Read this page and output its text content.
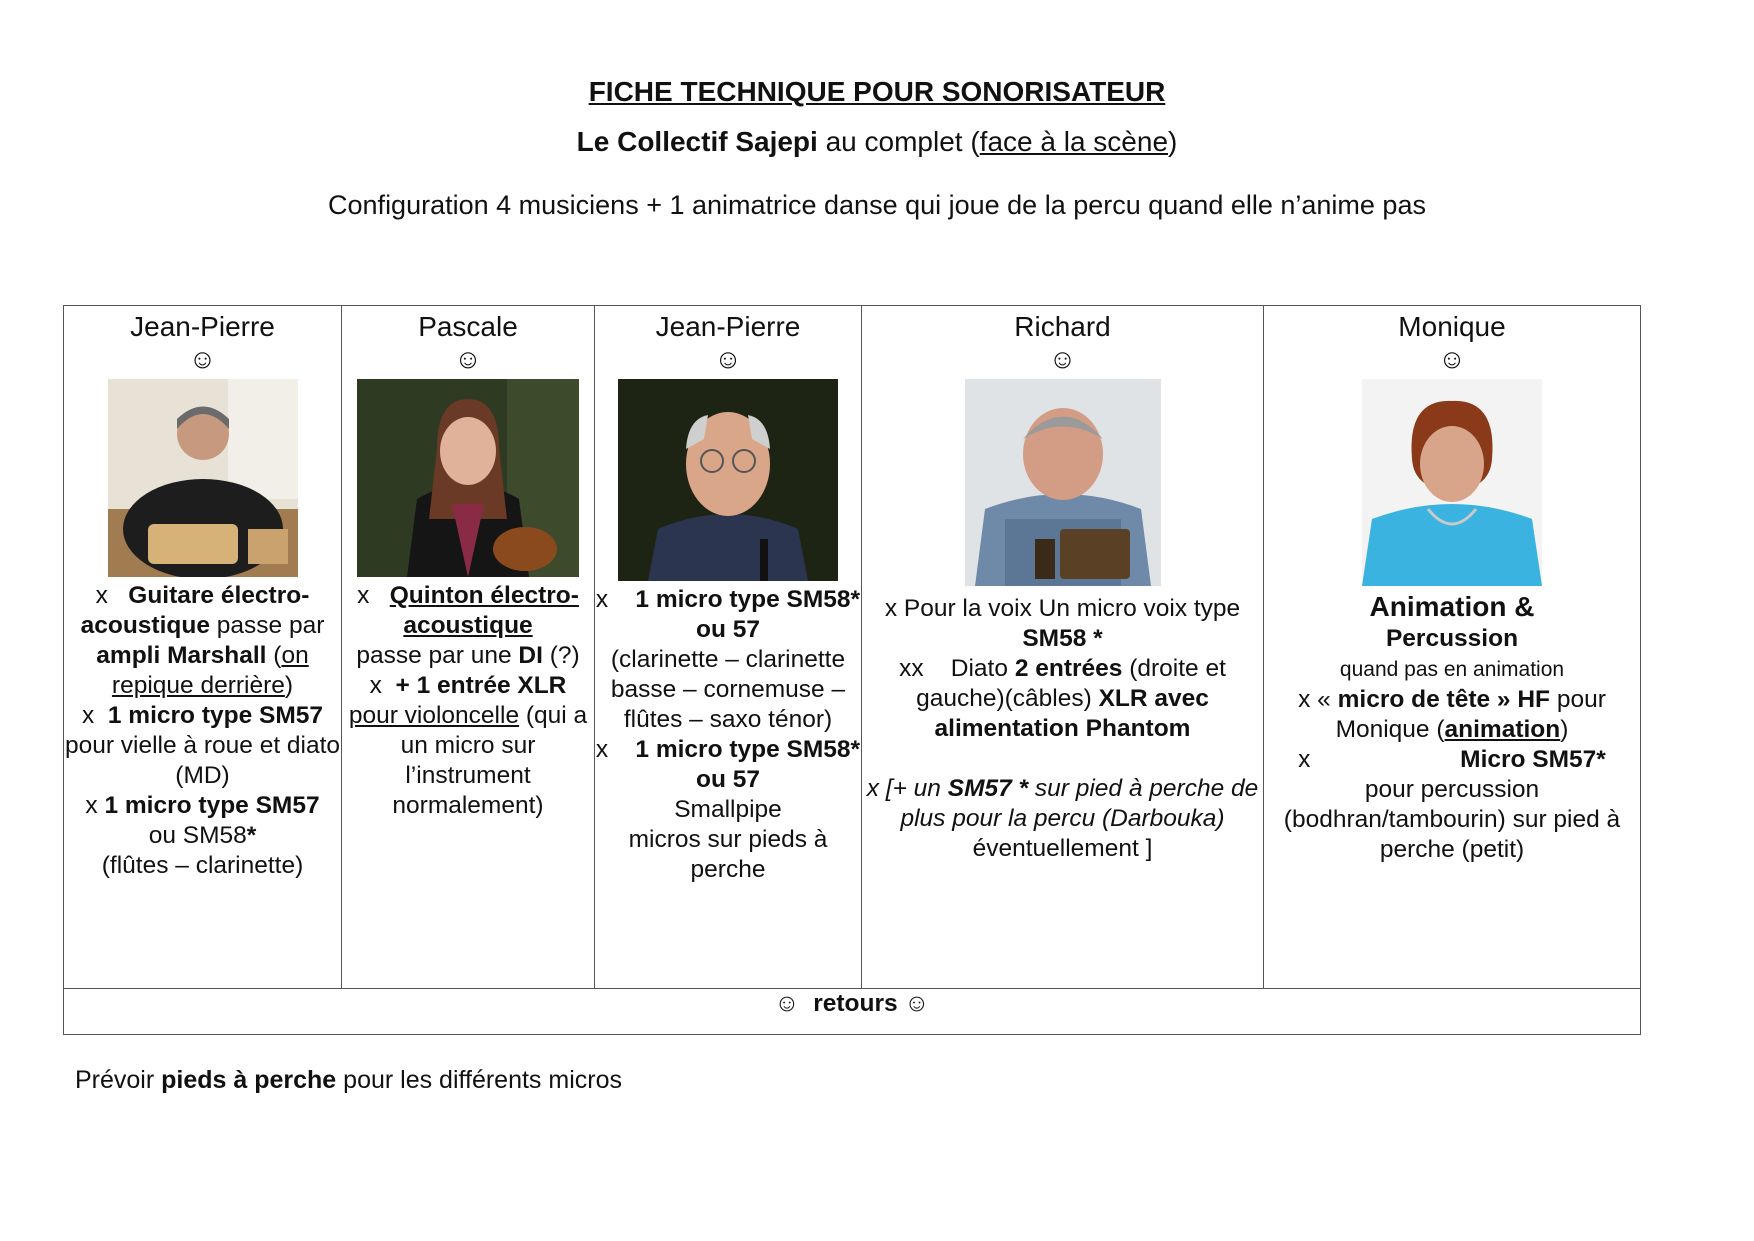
FICHE TECHNIQUE POUR SONORISATEUR
Le Collectif Sajepi au complet (face à la scène)
Configuration 4 musiciens + 1 animatrice danse qui joue de la percu quand elle n’anime pas
Jean-Pierre
☺
x Guitare électro-acoustique passe par ampli Marshall (on repique derrière)
x 1 micro type SM57
pour vielle à roue et diato (MD)
x 1 micro type SM57
ou SM58*
(flûtes – clarinette)

Pascale
☺
x Quinton électro-acoustique
passe par une DI (?)
x + 1 entrée XLR
pour violoncelle (qui a un micro sur l’instrument normalement)

Jean-Pierre
☺
x 1 micro type SM58* ou 57
(clarinette – clarinette basse – cornemuse – flûtes – saxo ténor)
x 1 micro type SM58*
ou 57
Smallpipe
micros sur pieds à perche

Richard
☺
x Pour la voix Un micro voix type
SM58 *
xx Diato 2 entrées (droite et gauche)(câbles) XLR avec alimentation Phantom

x [+ un SM57 * sur pied à perche de plus pour la percu (Darbouka) éventuellement ]

Monique
☺
Animation &
Percussion
quand pas en animation
x « micro de tête » HF pour Monique (animation)
x	Micro SM57*
pour percussion (bodhran/tambourin) sur pied à perche (petit)

☺ retours ☺
Prévoir pieds à perche pour les différents micros
